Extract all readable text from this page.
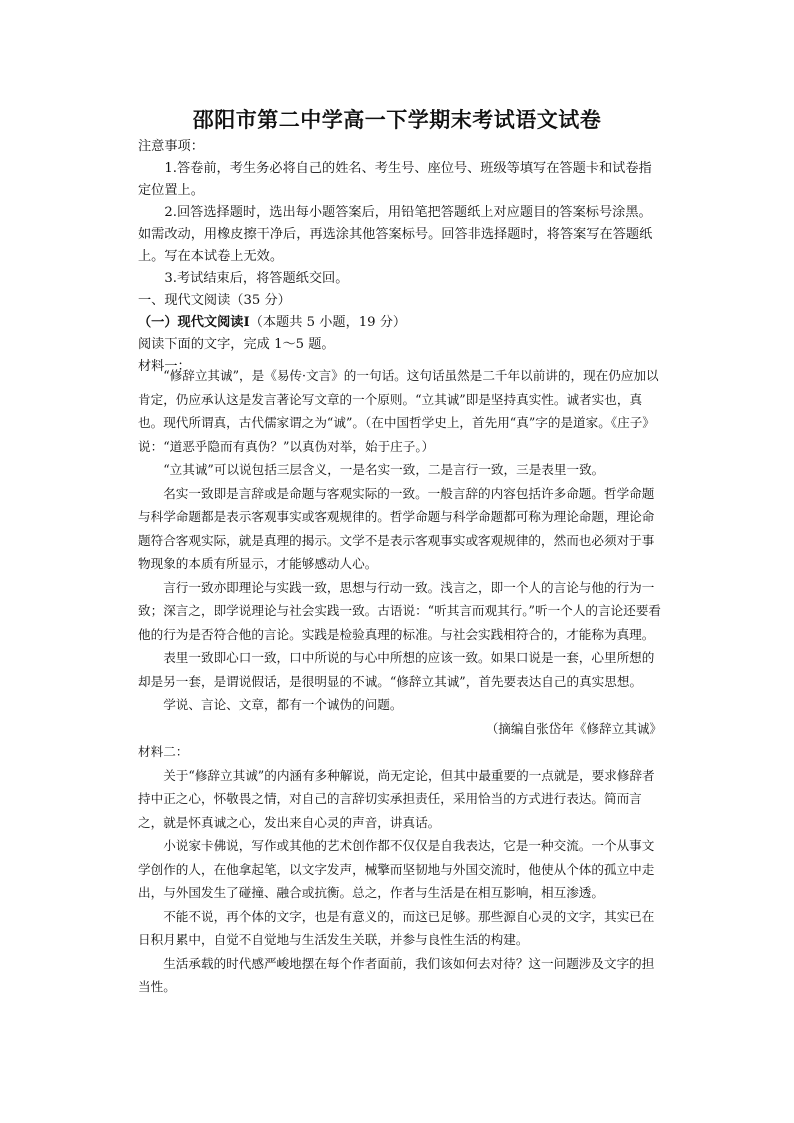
邵阳市第二中学高一下学期末考试语文试卷

注意事项：

1.答卷前，考生务必将自己的姓名、考生号、座位号、班级等填写在答题卡和试卷指定位置上。

2.回答选择题时，选出每小题答案后，用铅笔把答题纸上对应题目的答案标号涂黑。如需改动，用橡皮擦干净后，再选涂其他答案标号。回答非选择题时，将答案写在答题纸上。写在本试卷上无效。

3.考试结束后，将答题纸交回。

一、现代文阅读（35 分）

（一）现代文阅读Ⅰ（本题共 5 小题，19 分）

阅读下面的文字，完成 1～5 题。

材料一：

“修辞立其诚”，是《易传·文言》的一句话。这句话虽然是二千年以前讲的，现在仍应加以肯定，仍应承认这是发言著论写文章的一个原则。“立其诚”即是坚持真实性。诚者实也，真也。现代所谓真，古代儒家谓之为“诚”。（在中国哲学史上，首先用“真”字的是道家。《庄子》说：“道恶乎隐而有真伪？”以真伪对举，始于庄子。）

“立其诚”可以说包括三层含义，一是名实一致，二是言行一致，三是表里一致。

名实一致即是言辞或是命题与客观实际的一致。一般言辞的内容包括许多命题。哲学命题与科学命题都是表示客观事实或客观规律的。哲学命题与科学命题都可称为理论命题，理论命题符合客观实际，就是真理的揭示。文学不是表示客观事实或客观规律的，然而也必须对于事物现象的本质有所显示，才能够感动人心。

言行一致亦即理论与实践一致，思想与行动一致。浅言之，即一个人的言论与他的行为一致；深言之，即学说理论与社会实践一致。古语说：“听其言而观其行。”听一个人的言论还要看他的行为是否符合他的言论。实践是检验真理的标准。与社会实践相符合的，才能称为真理。

表里一致即心口一致，口中所说的与心中所想的应该一致。如果口说是一套，心里所想的却是另一套，是谓说假话，是很明显的不诚。“修辞立其诚”，首先要表达自己的真实思想。

学说、言论、文章，都有一个诚伪的问题。

（摘编自张岱年《修辞立其诚》

材料二：

关于“修辞立其诚”的内涵有多种解说，尚无定论，但其中最重要的一点就是，要求修辞者持中正之心，怀敬畏之情，对自己的言辞切实承担责任，采用恰当的方式进行表达。简而言之，就是怀真诚之心，发出来自心灵的声音，讲真话。

小说家卡佛说，写作或其他的艺术创作都不仅仅是自我表达，它是一种交流。一个从事文学创作的人，在他拿起笔，以文字发声，械擎而坚韧地与外国交流时，他使从个体的孤立中走出，与外国发生了碰撞、融合或抗衡。总之，作者与生活是在相互影响，相互渗透。

不能不说，再个体的文字，也是有意义的，而这已足够。那些源自心灵的文字，其实已在日积月累中，自觉不自觉地与生活发生关联，并参与良性生活的构建。

生活承载的时代感严峻地摆在每个作者面前，我们该如何去对待？这一问题涉及文字的担当性。
